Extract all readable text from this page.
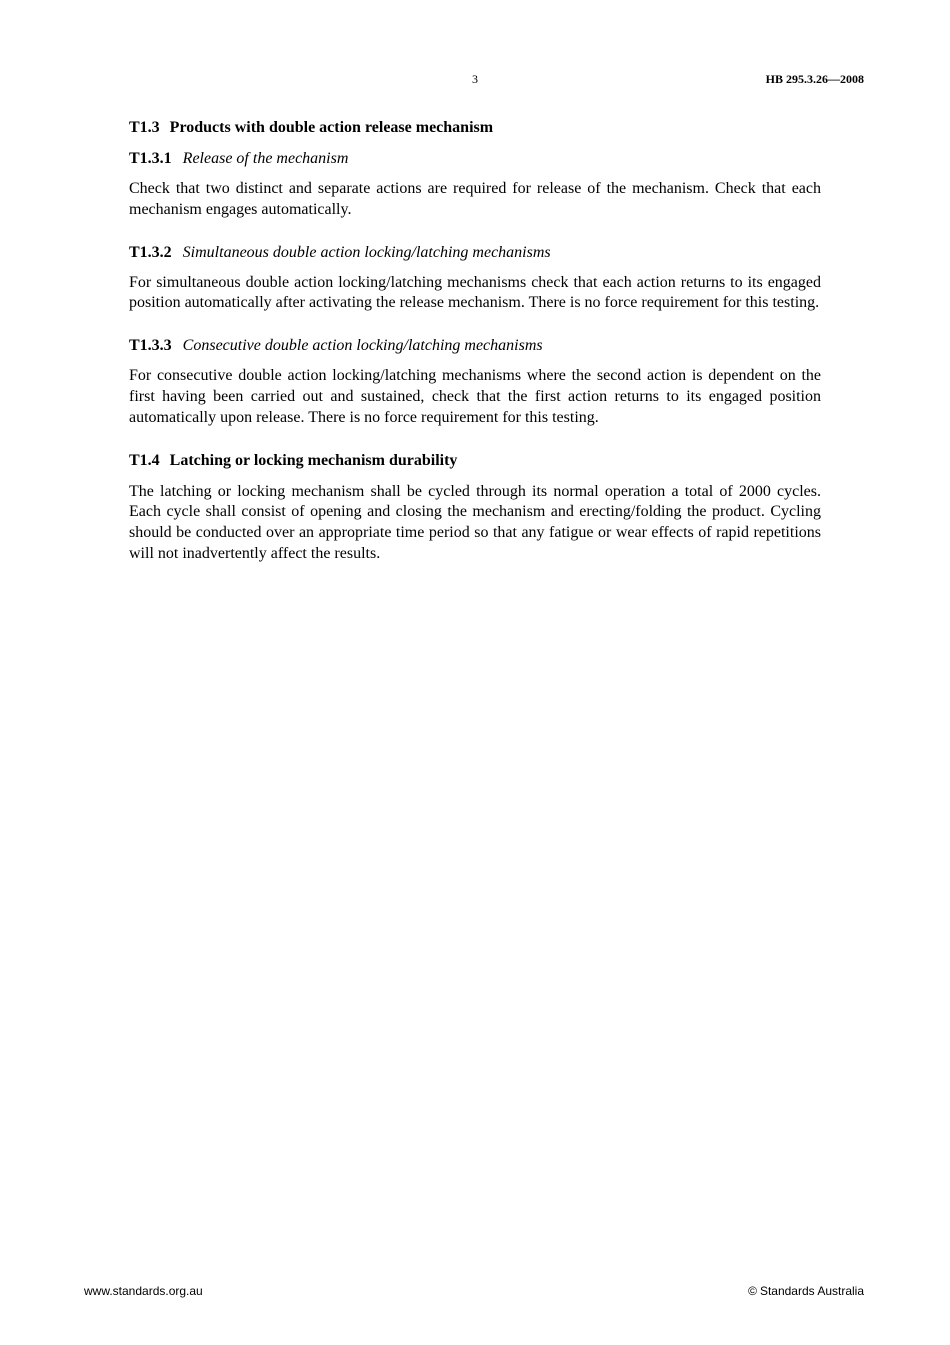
3	HB 295.3.26—2008
T1.3 Products with double action release mechanism
T1.3.1 Release of the mechanism

Check that two distinct and separate actions are required for release of the mechanism. Check that each mechanism engages automatically.

T1.3.2 Simultaneous double action locking/latching mechanisms

For simultaneous double action locking/latching mechanisms check that each action returns to its engaged position automatically after activating the release mechanism. There is no force requirement for this testing.

T1.3.3 Consecutive double action locking/latching mechanisms

For consecutive double action locking/latching mechanisms where the second action is dependent on the first having been carried out and sustained, check that the first action returns to its engaged position automatically upon release. There is no force requirement for this testing.

T1.4 Latching or locking mechanism durability

The latching or locking mechanism shall be cycled through its normal operation a total of 2000 cycles. Each cycle shall consist of opening and closing the mechanism and erecting/folding the product. Cycling should be conducted over an appropriate time period so that any fatigue or wear effects of rapid repetitions will not inadvertently affect the results.

www.standards.org.au	© Standards Australia
